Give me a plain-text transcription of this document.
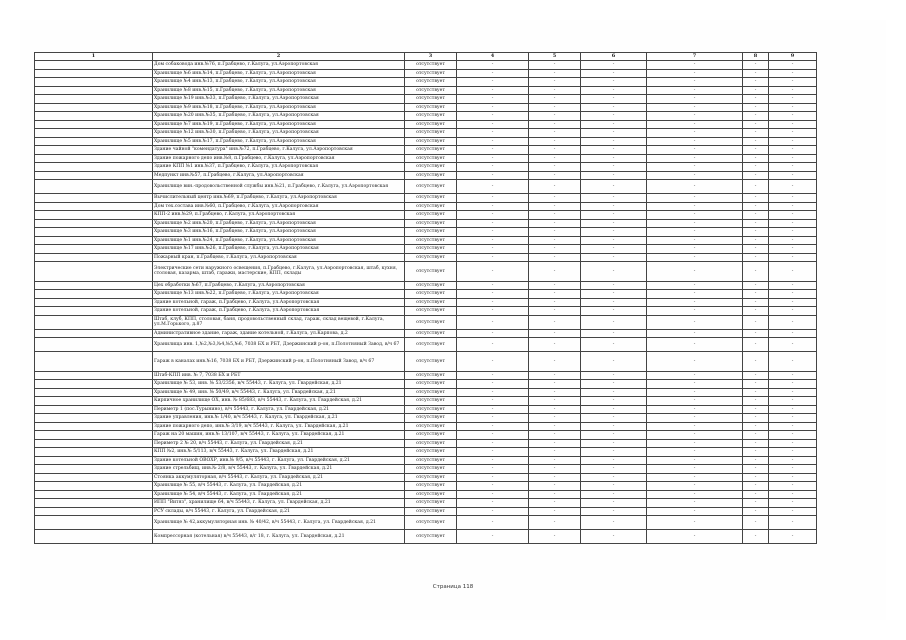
1	2	3	4	5	6	7	8	9
	Дом собаковода инв.№76, п.Грабцево, г.Калуга, ул.Аэропортовская	отсутствует	-	-	-	-	-	-
	Хранилище №6 инв.№14, п.Грабцево, г.Калуга, ул.Аэропортовская	отсутствует	-	-	-	-	-	-
	Хранилище №4 инв.№13, п.Грабцево, г.Калуга, ул.Аэропортовская	отсутствует	-	-	-	-	-	-
	Хранилище №8 инв.№15, п.Грабцево, г.Калуга, ул.Аэропортовская	отсутствует	-	-	-	-	-	-
	Хранилище №19 инв.№33, п.Грабцево, г.Калуга, ул.Аэропортовская	отсутствует	-	-	-	-	-	-
	Хранилище №9 инв.№18, п.Грабцево, г.Калуга, ул.Аэропортовская	отсутствует	-	-	-	-	-	-
	Хранилище №20 инв.№35, п.Грабцево, г.Калуга, ул.Аэропортовская	отсутствует	-	-	-	-	-	-
	Хранилище №7 инв.№19, п.Грабцево, г.Калуга, ул.Аэропортовская	отсутствует	-	-	-	-	-	-
	Хранилище №12 инв.№30, п.Грабцево, г.Калуга, ул.Аэропортовская	отсутствует	-	-	-	-	-	-
	Хранилище №5 инв.№17, п.Грабцево, г.Калуга, ул.Аэропортовская	отсутствует	-	-	-	-	-	-
	Здание чайной "комендатура" инв.№72, п.Грабцево, г.Калуга, ул.Аэропортовская	отсутствует	-	-	-	-	-	-
	Здание пожарного депо инв.№8, п.Грабцево, г.Калуга, ул.Аэропортовская	отсутствует	-	-	-	-	-	-
	Здание КПП №1 инв.№37, п.Грабцево, г.Калуга, ул.Аэропортовская	отсутствует	-	-	-	-	-	-
	Медпункт инв.№57, п.Грабцево, г.Калуга, ул.Аэропортовская	отсутствует	-	-	-	-	-	-
	Хранилище вин.-продовольственной службы инв.№21, п.Грабцево, г.Калуга, ул.Аэропортовская	отсутствует	-	-	-	-	-	-
	Вычислительный центр инв.№69, п.Грабцево, г.Калуга, ул.Аэропортовская	отсутствует	-	-	-	-	-	-
	Дом тех.состава инв.№60, п.Грабцево, г.Калуга, ул.Аэропортовская	отсутствует	-	-	-	-	-	-
	КПП-2 инв.№29, п.Грабцево, г.Калуга, ул.Аэропортовская	отсутствует	-	-	-	-	-	-
	Хранилище №2 инв.№20, п.Грабцево, г.Калуга, ул.Аэропортовская	отсутствует	-	-	-	-	-	-
	Хранилище №3 инв.№16, п.Грабцево, г.Калуга, ул.Аэропортовская	отсутствует	-	-	-	-	-	-
	Хранилище №1 инв.№24, п.Грабцево, г.Калуга, ул.Аэропортовская	отсутствует	-	-	-	-	-	-
	Хранилище №17 инв.№26, п.Грабцево, г.Калуга, ул.Аэропортовская	отсутствует	-	-	-	-	-	-
	Пожарный кран, п.Грабцево, г.Калуга, ул.Аэропортовская	отсутствует	-	-	-	-	-	-
	Электрические сети наружного освещения, п.Грабцево, г.Калуга, ул.Аэропортовская, штаб, кухня, столовая, казарма, штаб, гаражи, мастерские, КПП, склады	отсутствует	-	-	-	-	-	-
	Цех обработки №67, п.Грабцево, г.Калуга, ул.Аэропортовская	отсутствует	-	-	-	-	-	-
	Хранилище №13 инв.№22, п.Грабцево, г.Калуга, ул.Аэропортовская	отсутствует	-	-	-	-	-	-
	Здание котельной, гараж, п.Грабцево, г.Калуга, ул.Аэропортовская	отсутствует	-	-	-	-	-	-
	Здание котельной, гараж, п.Грабцево, г.Калуга, ул.Аэропортовская	отсутствует	-	-	-	-	-	-
	Штаб, клуб, КПП, столовая, баня, продовольственный склад, гараж, склад вещевой, г.Калуга, ул.М.Горького, д.87	отсутствует	-	-	-	-	-	-
	Административное здание, гараж, здание котельной, г.Калуга, ул.Карпова, д.2	отсутствует	-	-	-	-	-	-
	Хранилища инв. 1,№2,№3,№4,№5,№6, 7038 БХ и РБТ, Дзержинский р-он, п.Полотняный Завод, в/ч 67	отсутствует	-	-	-	-	-	-
	Гараж в каналах инв.№16, 7038 БХ и РБТ, Дзержинский р-он, п.Полотняный Завод, в/ч 67	отсутствует	-	-	-	-	-	-
	Штаб-КПП инв. № 7, 7038 БХ и РБТ	отсутствует	-	-	-	-	-	-
	Хранилище № 53, инв. № 53/2356, в/ч 55443, г. Калуга, ул. Гвардейская, д.21	отсутствует	-	-	-	-	-	-
	Хранилище № 49, инв. № 50/49, в/ч 55443, г. Калуга, ул. Гвардейская, д.21	отсутствует	-	-	-	-	-	-
	Кирпичное хранилище ОХ, инв. № 85/683, в/ч 55443, г. Калуга, ул. Гвардейская, д.21	отсутствует	-	-	-	-	-	-
	Периметр 1 (пос.Турынино), в/ч 55443, г. Калуга, ул. Гвардейская, д.21	отсутствует	-	-	-	-	-	-
	Здание управления, инв.№ 1/40, в/ч 55443, г. Калуга, ул. Гвардейская, д.21	отсутствует	-	-	-	-	-	-
	Здание пожарного депо, инв.№ 3/19, в/ч 55443, г. Калуга, ул. Гвардейская, д.21	отсутствует	-	-	-	-	-	-
	Гараж на 20 машин, инв.№ 13/107, в/ч 55443, г. Калуга, ул. Гвардейская, д.21	отсутствует	-	-	-	-	-	-
	Периметр 2 № 20, в/ч 55443, г. Калуга, ул. Гвардейская, д.21	отсутствует	-	-	-	-	-	-
	КПП №2, инв.№ 5/113, в/ч 55443, г. Калуга, ул. Гвардейская, д.21	отсутствует	-	-	-	-	-	-
	Здание котельной ОВОХР, инв.№ 9/5, в/ч 55443, г. Калуга, ул. Гвардейская, д.21	отсутствует	-	-	-	-	-	-
	Здание стрельбищ, инв.№ 2/8, в/ч 55443, г. Калуга, ул. Гвардейская, д.21	отсутствует	-	-	-	-	-	-
	Стоянка аккумуляторная, в/ч 55443, г. Калуга, ул. Гвардейская, д.21	отсутствует	-	-	-	-	-	-
	Хранилище № 55, в/ч 55443, г. Калуга, ул. Гвардейская, д.21	отсутствует	-	-	-	-	-	-
	Хранилище № 54, в/ч 55443, г. Калуга, ул. Гвардейская, д.21	отсутствует	-	-	-	-	-	-
	ИПП "Витяз", хранилище 64, в/ч 55443, г. Калуга, ул. Гвардейская, д.21	отсутствует	-	-	-	-	-	-
	РСУ склады, в/ч 55443, г. Калуга, ул. Гвардейская, д.21	отсутствует	-	-	-	-	-	-
	Хранилище № 42,аккумуляторная инв. № 40/42, в/ч 55443, г. Калуга, ул. Гвардейская, д.21	отсутствует	-	-	-	-	-	-
	Компрессорная (котельная) в/ч 55443, в/г 18, г. Калуга, ул. Гвардейская, д.21	отсутствует	-	-	-	-	-	-
Страница 118
